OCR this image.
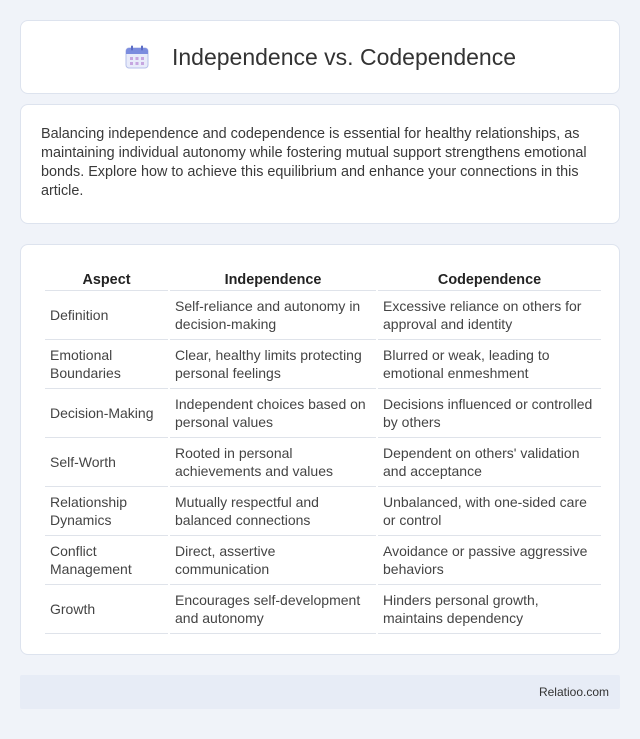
Independence vs. Codependence

Balancing independence and codependence is essential for healthy relationships, as maintaining individual autonomy while fostering mutual support strengthens emotional bonds. Explore how to achieve this equilibrium and enhance your connections in this article.

Aspect	Independence	Codependence
Definition	Self-reliance and autonomy in decision-making	Excessive reliance on others for approval and identity
Emotional Boundaries	Clear, healthy limits protecting personal feelings	Blurred or weak, leading to emotional enmeshment
Decision-Making	Independent choices based on personal values	Decisions influenced or controlled by others
Self-Worth	Rooted in personal achievements and values	Dependent on others' validation and acceptance
Relationship Dynamics	Mutually respectful and balanced connections	Unbalanced, with one-sided care or control
Conflict Management	Direct, assertive communication	Avoidance or passive aggressive behaviors
Growth	Encourages self-development and autonomy	Hinders personal growth, maintains dependency
Relatioo.com
